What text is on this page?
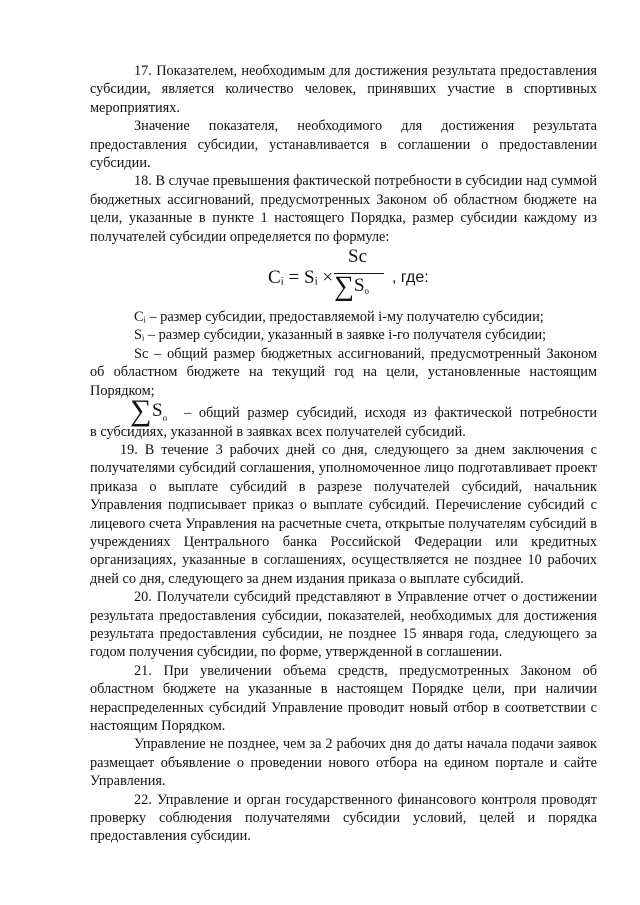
17. Показателем, необходимым для достижения результата предоставления субсидии, является количество человек, принявших участие в спортивных мероприятиях.

Значение показателя, необходимого для достижения результата предоставления субсидии, устанавливается в соглашении о предоставлении субсидии.

18. В случае превышения фактической потребности в субсидии над суммой бюджетных ассигнований, предусмотренных Законом об областном бюджете на цели, указанные в пункте 1 настоящего Порядка, размер субсидии каждому из получателей субсидии определяется по формуле:

Cᵢ = Sᵢ ×
Sс
$\sum S_o$
, где:

Cᵢ – размер субсидии, предоставляемой i-му получателю субсидии;

Sᵢ – размер субсидии, указанный в заявке i-го получателя субсидии;

Sс – общий размер бюджетных ассигнований, предусмотренный Законом об областном бюджете на текущий год на цели, установленные настоящим Порядком;

∑ $S_o$	– общий размер субсидий, исходя из фактической потребности

в субсидиях, указанной в заявках всех получателей субсидий.

19. В течение 3 рабочих дней со дня, следующего за днем заключения с получателями субсидий соглашения, уполномоченное лицо подготавливает проект приказа о выплате субсидий в разрезе получателей субсидий, начальник Управления подписывает приказ о выплате субсидий. Перечисление субсидий с лицевого счета Управления на расчетные счета, открытые получателям субсидий в учреждениях Центрального банка Российской Федерации или кредитных организациях, указанные в соглашениях, осуществляется не позднее 10 рабочих дней со дня, следующего за днем издания приказа о выплате субсидий.

20. Получатели субсидий представляют в Управление отчет о достижении результата предоставления субсидии, показателей, необходимых для достижения результата предоставления субсидии, не позднее 15 января года, следующего за годом получения субсидии, по форме, утвержденной в соглашении.

21. При увеличении объема средств, предусмотренных Законом об областном бюджете на указанные в настоящем Порядке цели, при наличии нераспределенных субсидий Управление проводит новый отбор в соответствии с настоящим Порядком.

Управление не позднее, чем за 2 рабочих дня до даты начала подачи заявок размещает объявление о проведении нового отбора на едином портале и сайте Управления.

22. Управление и орган государственного финансового контроля проводят проверку соблюдения получателями субсидии условий, целей и порядка предоставления субсидии.
